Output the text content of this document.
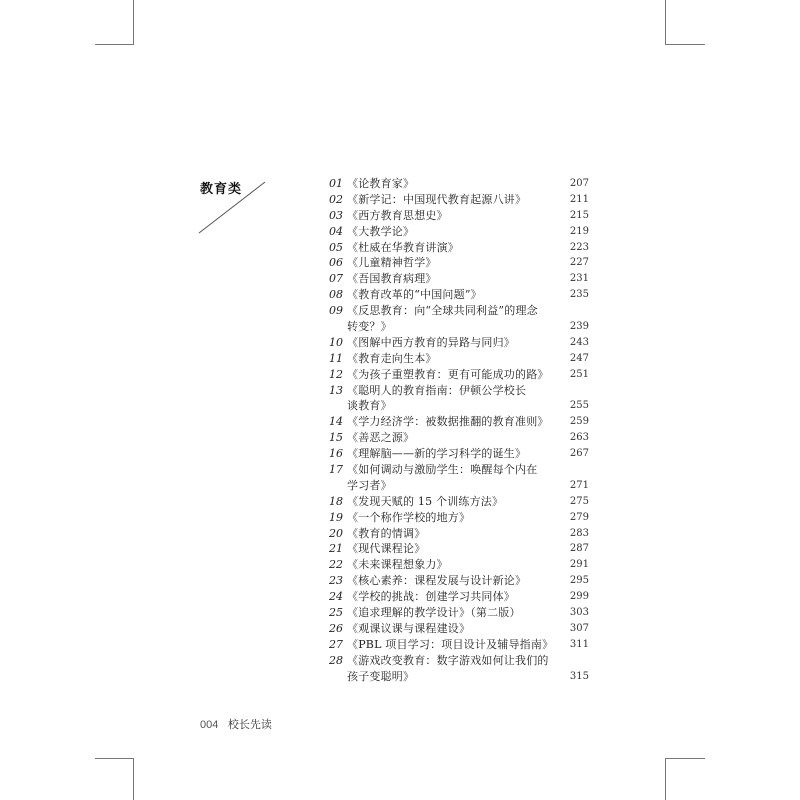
教育类	01 《论教育家》	207
02 《新学记：中国现代教育起源八讲》	211
03 《西方教育思想史》	215
04 《大教学论》	219
05 《杜威在华教育讲演》	223
06 《儿童精神哲学》	227
07 《吾国教育病理》	231
08 《教育改革的“中国问题”》	235
09 《反思教育：向“全球共同利益”的理念
转变？》	239
10 《图解中西方教育的异路与同归》	243
11 《教育走向生本》	247
12 《为孩子重塑教育：更有可能成功的路》	251
13 《聪明人的教育指南：伊顿公学校长
谈教育》	255
14 《学力经济学：被数据推翻的教育准则》	259
15 《善恶之源》	263
16 《理解脑——新的学习科学的诞生》	267
17 《如何调动与激励学生：唤醒每个内在
学习者》	271
18 《发现天赋的 15 个训练方法》	275
19 《一个称作学校的地方》	279
20 《教育的情调》	283
21 《现代课程论》	287
22 《未来课程想象力》	291
23 《核心素养：课程发展与设计新论》	295
24 《学校的挑战：创建学习共同体》	299
25 《追求理解的教学设计》（第二版）	303
26 《观课议课与课程建设》	307
27 《PBL 项目学习：项目设计及辅导指南》	311
28 《游戏改变教育：数字游戏如何让我们的
孩子变聪明》	315
004 校长先读
